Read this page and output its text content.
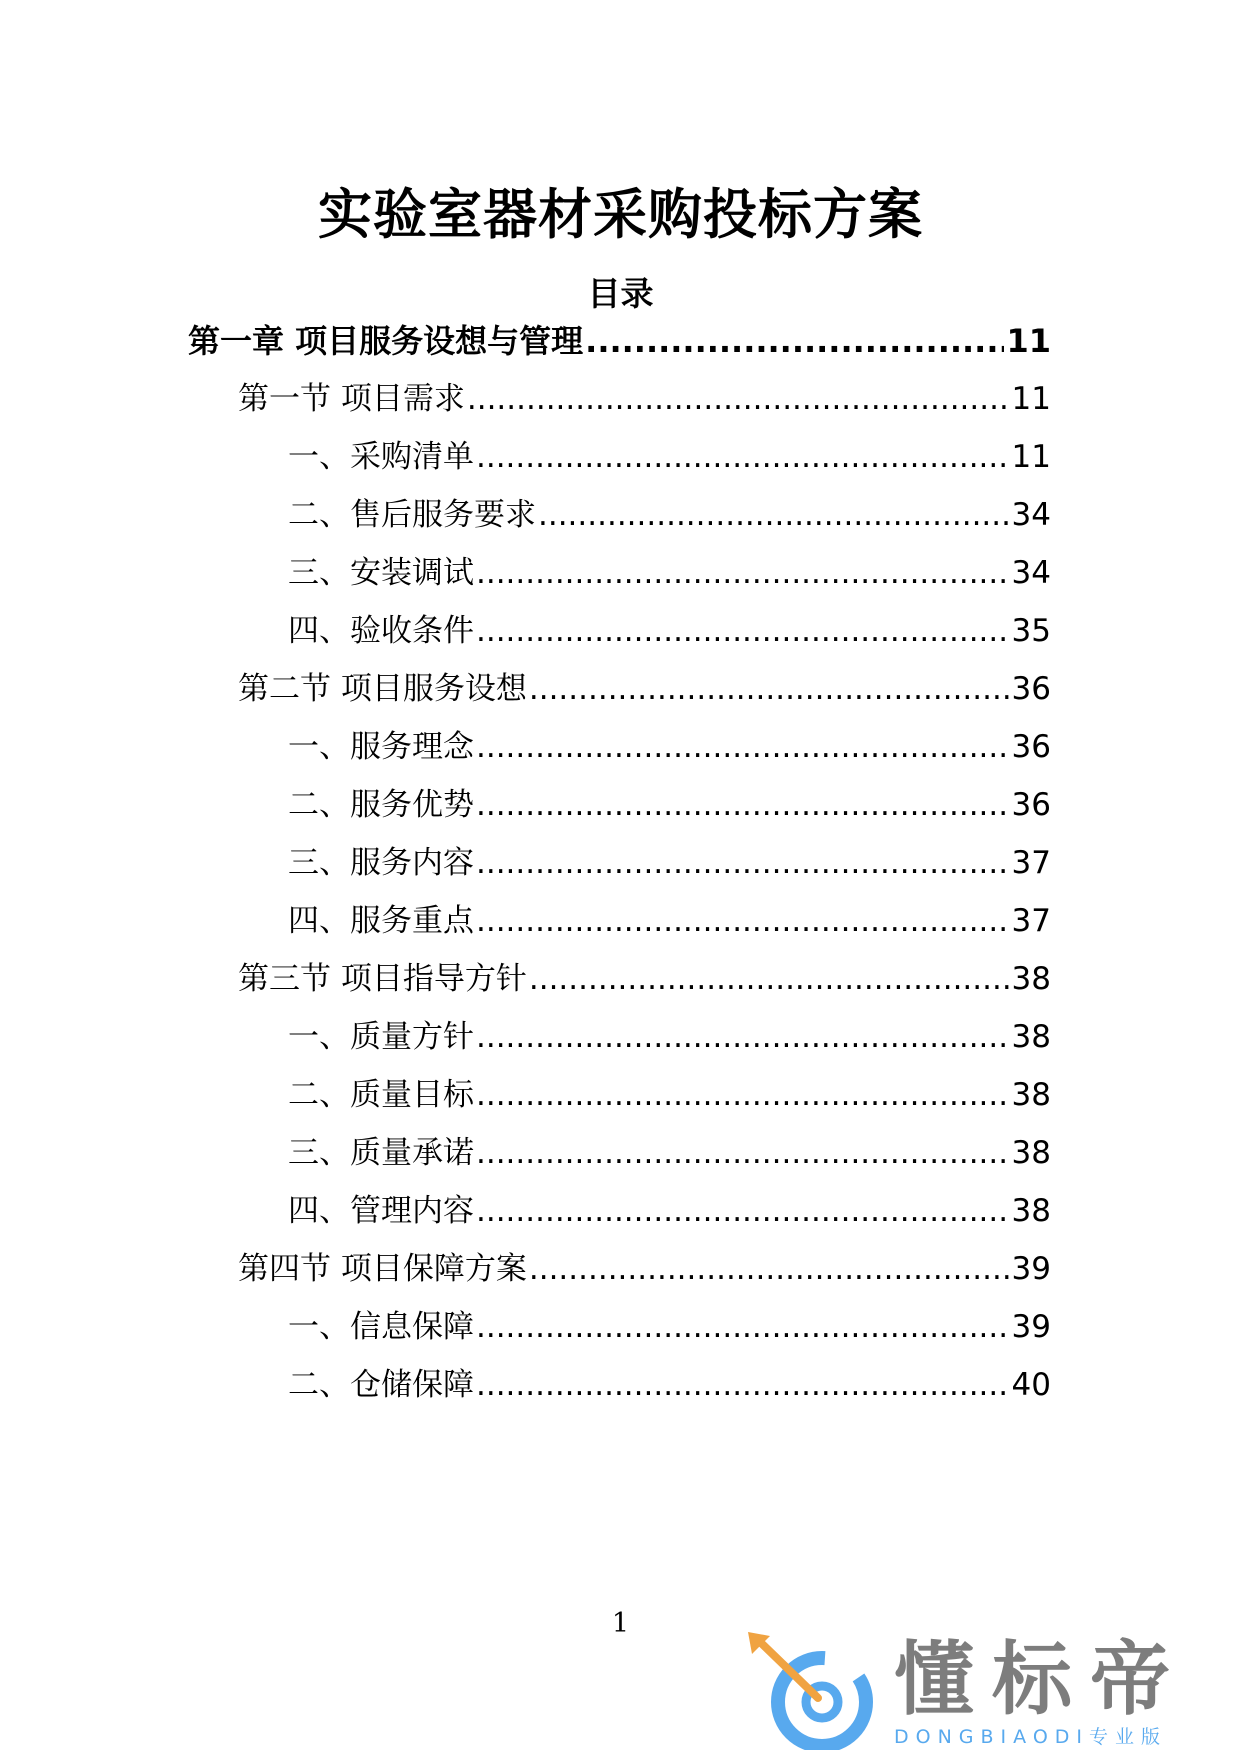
实验室器材采购投标方案
目录
第一章 项目服务设想与管理 .....	11
第一节 项目需求 .....	11
一、采购清单 .....	11
二、售后服务要求 .....	34
三、安装调试 .....	34
四、验收条件 .....	35
第二节 项目服务设想 .....	36
一、服务理念 .....	36
二、服务优势 .....	36
三、服务内容 .....	37
四、服务重点 .....	37
第三节 项目指导方针 .....	38
一、质量方针 .....	38
二、质量目标 .....	38
三、质量承诺 .....	38
四、管理内容 .....	38
第四节 项目保障方案 .....	39
一、信息保障 .....	39
二、仓储保障 .....	40
1
懂标帝
DONGBIAODI专业版
